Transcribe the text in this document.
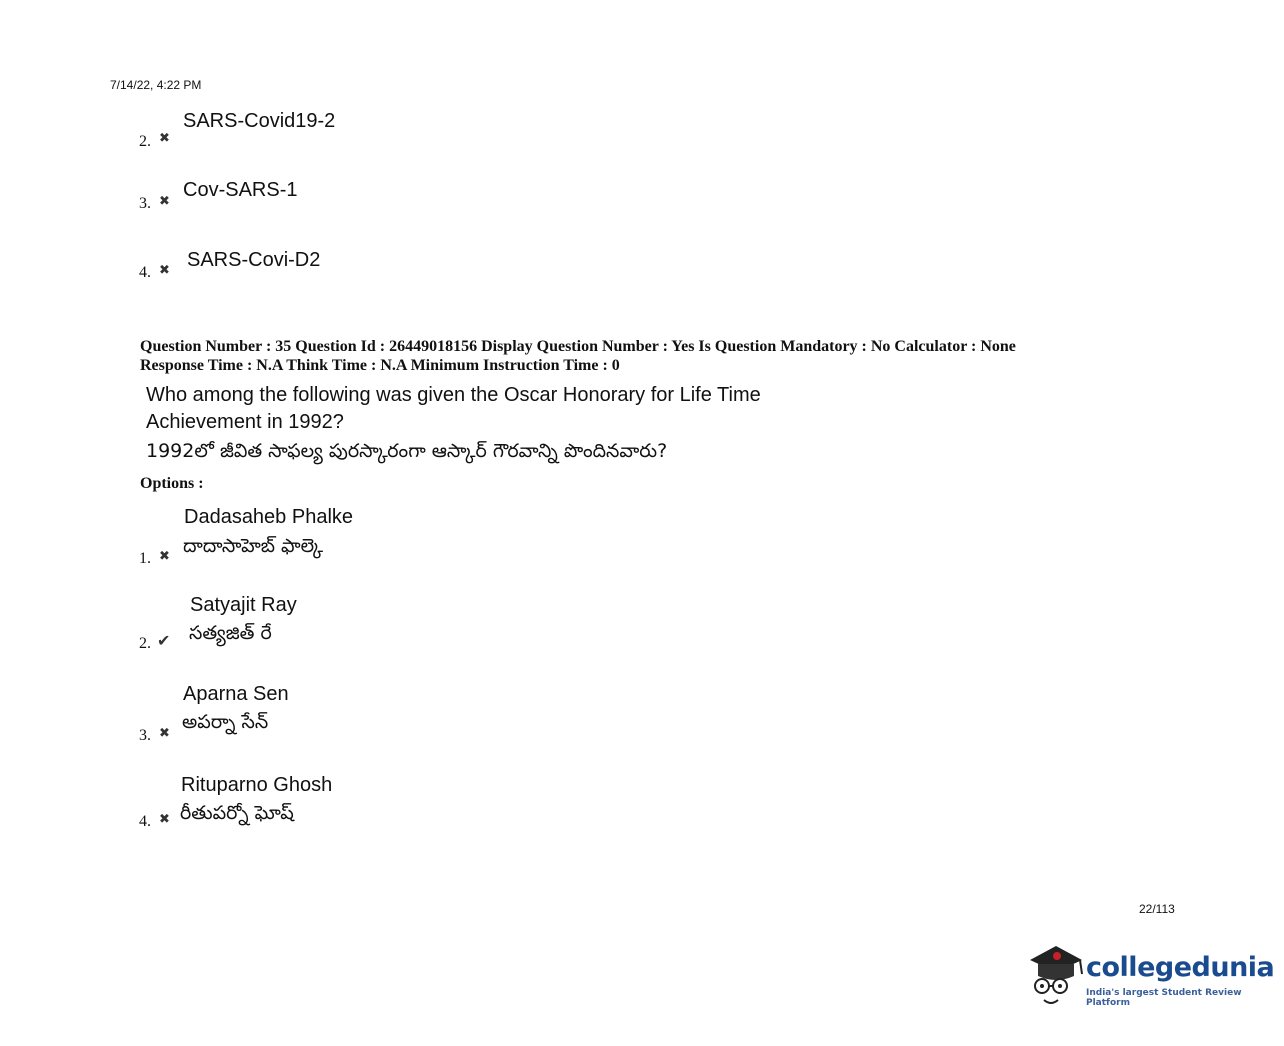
7/14/22, 4:22 PM
SARS-Covid19-2
2. ✖
Cov-SARS-1
3. ✖
SARS-Covi-D2
4. ✖
Question Number : 35 Question Id : 26449018156 Display Question Number : Yes Is Question Mandatory : No Calculator : None
Response Time : N.A Think Time : N.A Minimum Instruction Time : 0
Who among the following was given the Oscar Honorary for Life Time
Achievement in 1992?
1992లో జీవిత సాఫల్య పురస్కారంగా ఆస్కార్ గౌరవాన్ని పొందినవారు?
Options :
Dadasaheb Phalke
దాదాసాహెబ్ ఫాల్కె
1. ✖
Satyajit Ray
సత్యజిత్ రే
2. ✔
Aparna Sen
అపర్నా సేన్
3. ✖
Rituparno Ghosh
రీతుపర్నో ఘోష్
4. ✖
22/113
collegedunia
India's largest Student Review Platform
